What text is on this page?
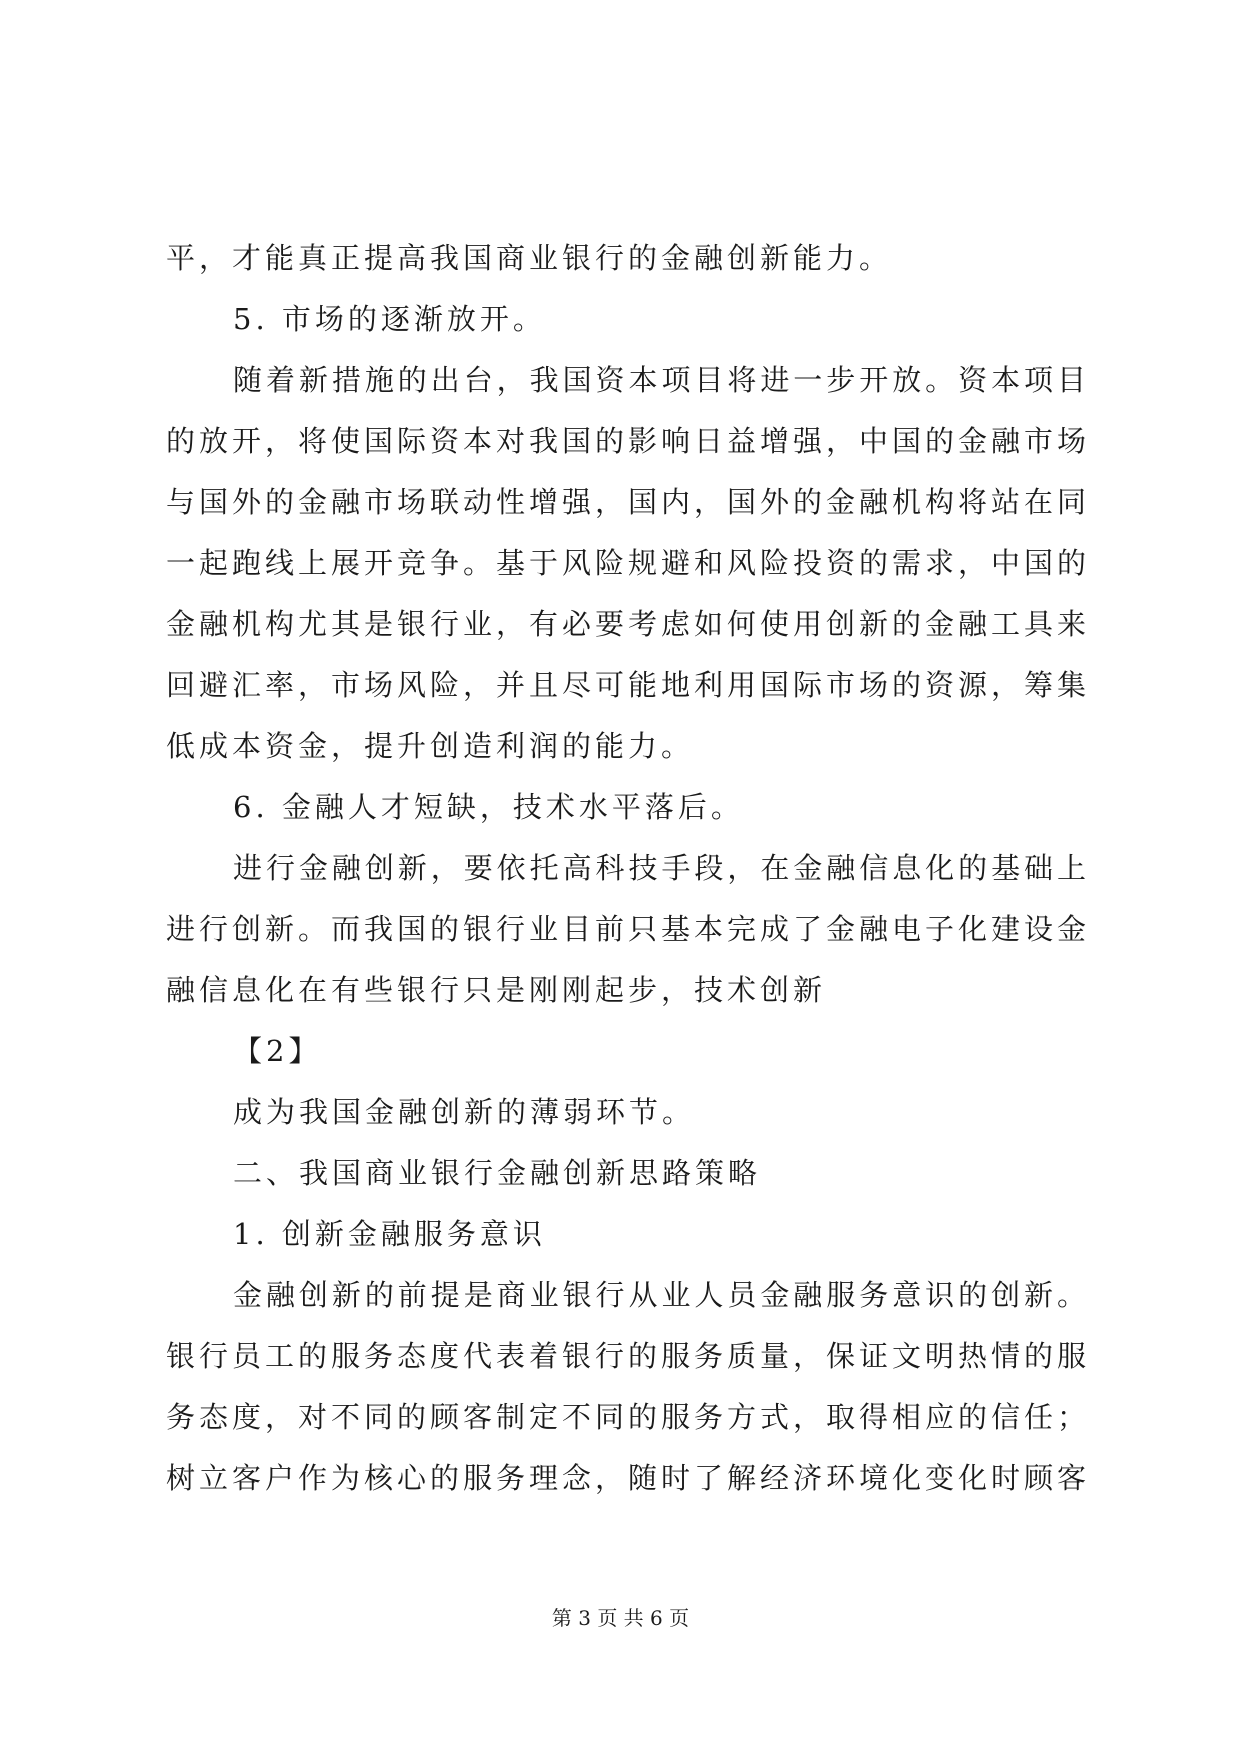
平，才能真正提高我国商业银行的金融创新能力。
5. 市场的逐渐放开。
随着新措施的出台，我国资本项目将进一步开放。资本项目
的放开，将使国际资本对我国的影响日益增强，中国的金融市场
与国外的金融市场联动性增强，国内，国外的金融机构将站在同
一起跑线上展开竞争。基于风险规避和风险投资的需求，中国的
金融机构尤其是银行业，有必要考虑如何使用创新的金融工具来
回避汇率，市场风险，并且尽可能地利用国际市场的资源，筹集
低成本资金，提升创造利润的能力。
6. 金融人才短缺，技术水平落后。
进行金融创新，要依托高科技手段，在金融信息化的基础上
进行创新。而我国的银行业目前只基本完成了金融电子化建设金
融信息化在有些银行只是刚刚起步，技术创新
【2】
成为我国金融创新的薄弱环节。
二、我国商业银行金融创新思路策略
1. 创新金融服务意识
金融创新的前提是商业银行从业人员金融服务意识的创新。
银行员工的服务态度代表着银行的服务质量，保证文明热情的服
务态度，对不同的顾客制定不同的服务方式，取得相应的信任；
树立客户作为核心的服务理念，随时了解经济环境化变化时顾客
第 3 页 共 6 页
